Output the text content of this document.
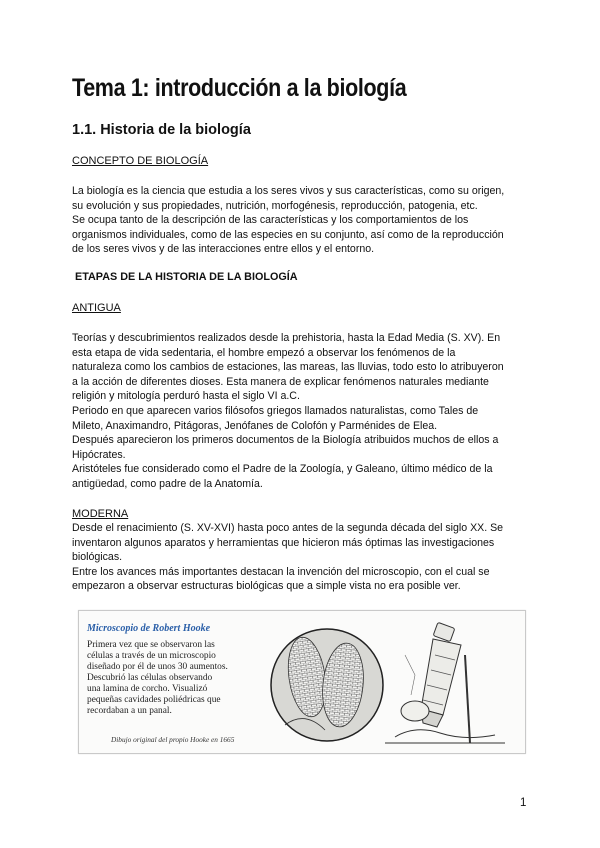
Tema 1: introducción a la biología
1.1. Historia de la biología
CONCEPTO DE BIOLOGÍA

La biología es la ciencia que estudia a los seres vivos y sus características, como su origen,

su evolución y sus propiedades, nutrición, morfogénesis, reproducción, patogenia, etc.

Se ocupa tanto de la descripción de las características y los comportamientos de los

organismos individuales, como de las especies en su conjunto, así como de la reproducción

de los seres vivos y de las interacciones entre ellos y el entorno.

ETAPAS DE LA HISTORIA DE LA BIOLOGÍA
ANTIGUA

Teorías y descubrimientos realizados desde la prehistoria, hasta la Edad Media (S. XV). En

esta etapa de vida sedentaria, el hombre empezó a observar los fenómenos de la

naturaleza como los cambios de estaciones, las mareas, las lluvias, todo esto lo atribuyeron

a la acción de diferentes dioses. Esta manera de explicar fenómenos naturales mediante

religión y mitología perduró hasta el siglo VI a.C.

Periodo en que aparecen varios filósofos griegos llamados naturalistas, como Tales de

Mileto, Anaximandro, Pitágoras, Jenófanes de Colofón y Parménides de Elea.

Después aparecieron los primeros documentos de la Biología atribuidos muchos de ellos a

Hipócrates.

Aristóteles fue considerado como el Padre de la Zoología, y Galeano, último médico de la

antigüedad, como padre de la Anatomía.

MODERNA

Desde el renacimiento (S. XV-XVI) hasta poco antes de la segunda década del siglo XX. Se

inventaron algunos aparatos y herramientas que hicieron más óptimas las investigaciones

biológicas.

Entre los avances más importantes destacan la invención del microscopio, con el cual se

empezaron a observar estructuras biológicas que a simple vista no era posible ver.

Microscopio de Robert Hooke

Primera vez que se observaron las
células a través de un microscopio
diseñado por él de unos 30 aumentos.
Descubrió las células observando
una lamina de corcho. Visualizó
pequeñas cavidades poliédricas que
recordaban a un panal.

Dibujo original del propio Hooke en 1665
1
